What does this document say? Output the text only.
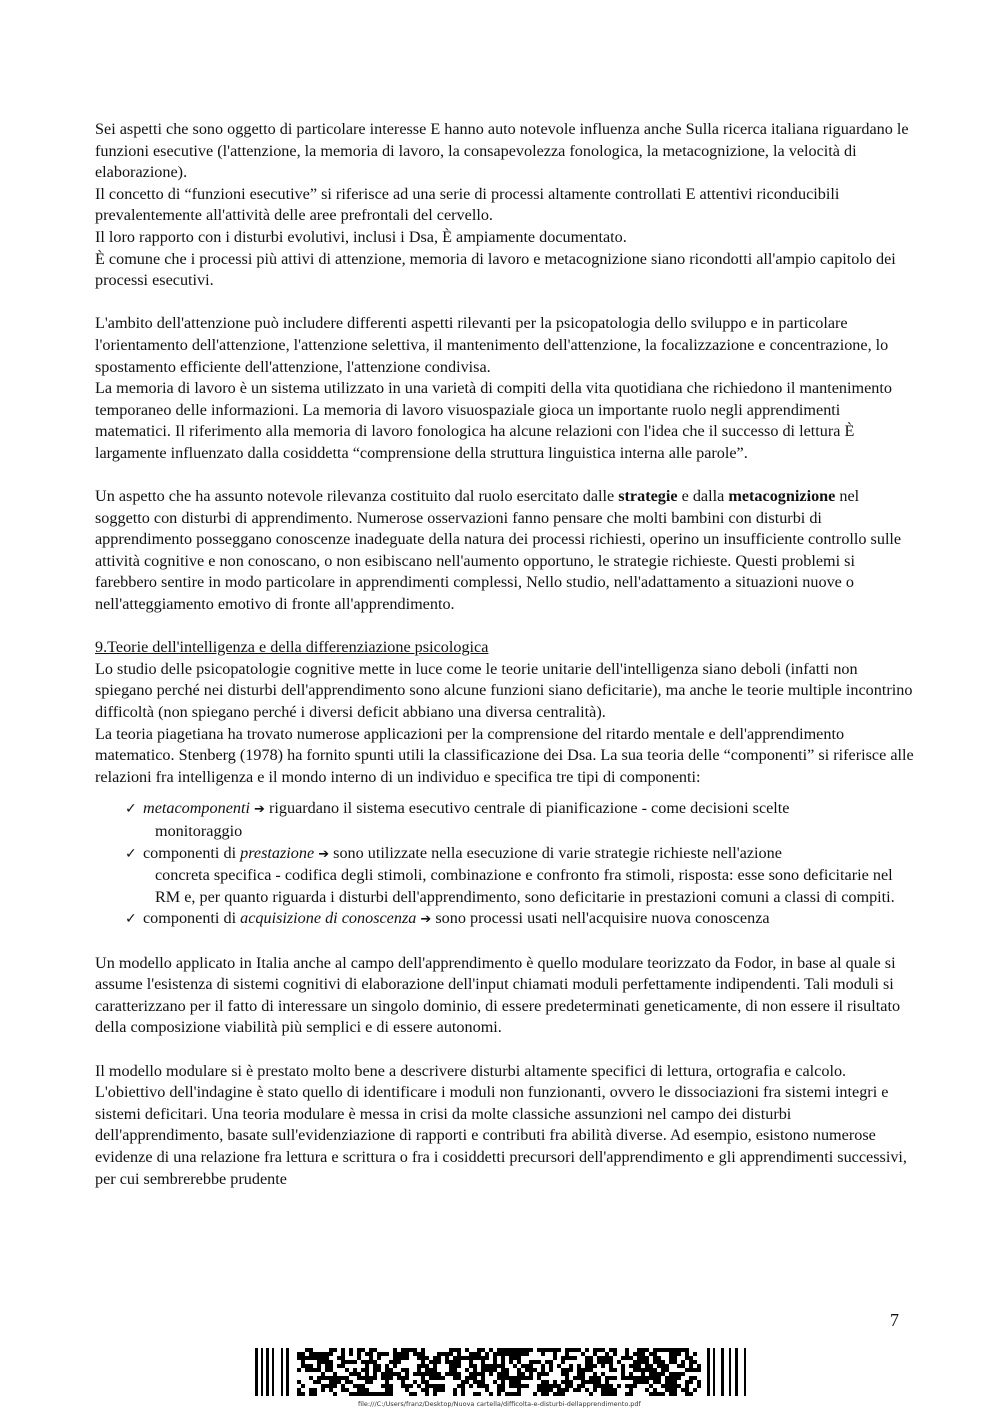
Sei aspetti che sono oggetto di particolare interesse E hanno auto notevole influenza anche Sulla ricerca italiana riguardano le funzioni esecutive (l'attenzione, la memoria di lavoro, la consapevolezza fonologica, la metacognizione, la velocità di elaborazione).

Il concetto di “funzioni esecutive” si riferisce ad una serie di processi altamente controllati E attentivi riconducibili prevalentemente all'attività delle aree prefrontali del cervello.

Il loro rapporto con i disturbi evolutivi, inclusi i Dsa, È ampiamente documentato.

È comune che i processi più attivi di attenzione, memoria di lavoro e metacognizione siano ricondotti all'ampio capitolo dei processi esecutivi.

L'ambito dell'attenzione può includere differenti aspetti rilevanti per la psicopatologia dello sviluppo e in particolare l'orientamento dell'attenzione, l'attenzione selettiva, il mantenimento dell'attenzione, la focalizzazione e concentrazione, lo spostamento efficiente dell'attenzione, l'attenzione condivisa.

La memoria di lavoro è un sistema utilizzato in una varietà di compiti della vita quotidiana che richiedono il mantenimento temporaneo delle informazioni. La memoria di lavoro visuospaziale gioca un importante ruolo negli apprendimenti matematici. Il riferimento alla memoria di lavoro fonologica ha alcune relazioni con l'idea che il successo di lettura È largamente influenzato dalla cosiddetta “comprensione della struttura linguistica interna alle parole”.

Un aspetto che ha assunto notevole rilevanza costituito dal ruolo esercitato dalle strategie e dalla metacognizione nel soggetto con disturbi di apprendimento. Numerose osservazioni fanno pensare che molti bambini con disturbi di apprendimento posseggano conoscenze inadeguate della natura dei processi richiesti, operino un insufficiente controllo sulle attività cognitive e non conoscano, o non esibiscano nell'aumento opportuno, le strategie richieste. Questi problemi si farebbero sentire in modo particolare in apprendimenti complessi, Nello studio, nell'adattamento a situazioni nuove o nell'atteggiamento emotivo di fronte all'apprendimento.

9.Teorie dell'intelligenza e della differenziazione psicologica

Lo studio delle psicopatologie cognitive mette in luce come le teorie unitarie dell'intelligenza siano deboli (infatti non spiegano perché nei disturbi dell'apprendimento sono alcune funzioni siano deficitarie), ma anche le teorie multiple incontrino difficoltà (non spiegano perché i diversi deficit abbiano una diversa centralità).

La teoria piagetiana ha trovato numerose applicazioni per la comprensione del ritardo mentale e dell'apprendimento matematico. Stenberg (1978) ha fornito spunti utili la classificazione dei Dsa. La sua teoria delle “componenti” si riferisce alle relazioni fra intelligenza e il mondo interno di un individuo e specifica tre tipi di componenti:

✓ metacomponenti ➔ riguardano il sistema esecutivo centrale di pianificazione - come decisioni scelte
monitoraggio
✓ componenti di prestazione ➔ sono utilizzate nella esecuzione di varie strategie richieste nell'azione
concreta specifica - codifica degli stimoli, combinazione e confronto fra stimoli, risposta: esse sono deficitarie nel RM e, per quanto riguarda i disturbi dell'apprendimento, sono deficitarie in prestazioni comuni a classi di compiti.
✓ componenti di acquisizione di conoscenza ➔ sono processi usati nell'acquisire nuova conoscenza

Un modello applicato in Italia anche al campo dell'apprendimento è quello modulare teorizzato da Fodor, in base al quale si assume l'esistenza di sistemi cognitivi di elaborazione dell'input chiamati moduli perfettamente indipendenti. Tali moduli si caratterizzano per il fatto di interessare un singolo dominio, di essere predeterminati geneticamente, di non essere il risultato della composizione viabilità più semplici e di essere autonomi.

Il modello modulare si è prestato molto bene a descrivere disturbi altamente specifici di lettura, ortografia e calcolo. L'obiettivo dell'indagine è stato quello di identificare i moduli non funzionanti, ovvero le dissociazioni fra sistemi integri e sistemi deficitari. Una teoria modulare è messa in crisi da molte classiche assunzioni nel campo dei disturbi dell'apprendimento, basate sull'evidenziazione di rapporti e contributi fra abilità diverse. Ad esempio, esistono numerose evidenze di una relazione fra lettura e scrittura o fra i cosiddetti precursori dell'apprendimento e gli apprendimenti successivi, per cui sembrerebbe prudente

7
file:///C:/Users/franz/Desktop/Nuova cartella/difficolta-e-disturbi-dellapprendimento.pdf
